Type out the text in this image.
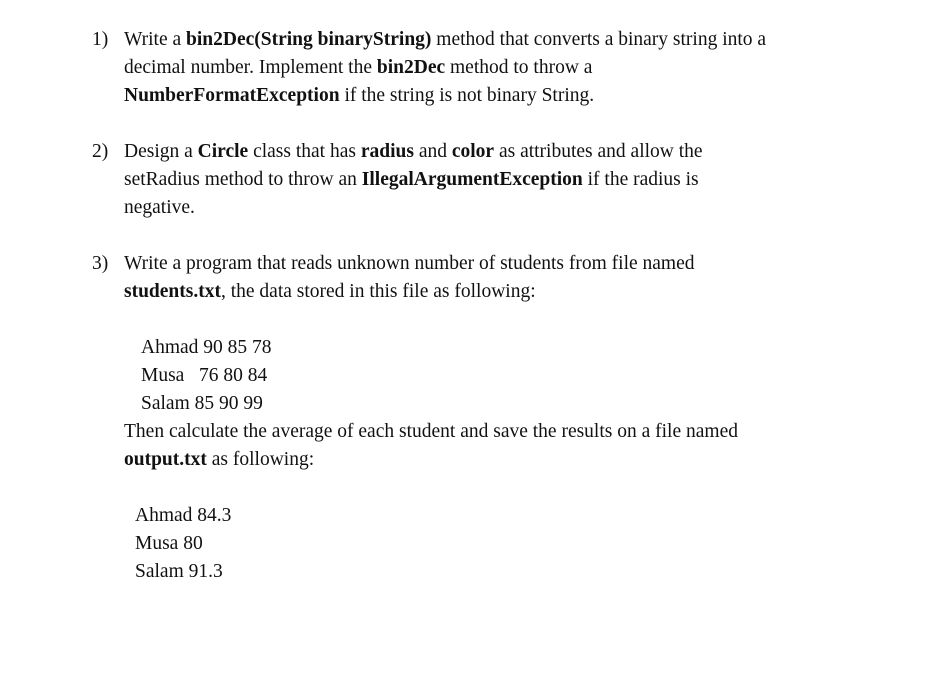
1) Write a bin2Dec(String binaryString) method that converts a binary string into a
decimal number. Implement the bin2Dec method to throw a
NumberFormatException if the string is not binary String.
2) Design a Circle class that has radius and color as attributes and allow the
setRadius method to throw an IllegalArgumentException if the radius is
negative.
3) Write a program that reads unknown number of students from file named
students.txt, the data stored in this file as following:
Ahmad 90 85 78
Musa   76 80 84
Salam 85 90 99
Then calculate the average of each student and save the results on a file named
output.txt as following:
Ahmad 84.3
Musa 80
Salam 91.3
